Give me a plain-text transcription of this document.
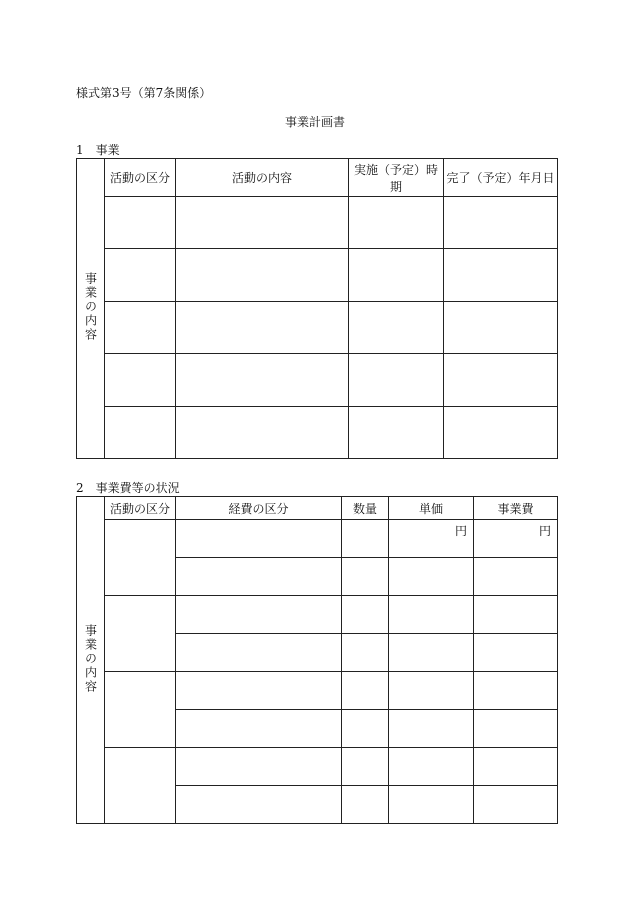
様式第3号（第7条関係）
事業計画書
1　事業
事業の内容	活動の区分	活動の内容	実施（予定）時期	完了（予定）年月日

2　事業費等の状況
事業の内容	活動の区分	経費の区分	数量	単価	事業費
				円	円
